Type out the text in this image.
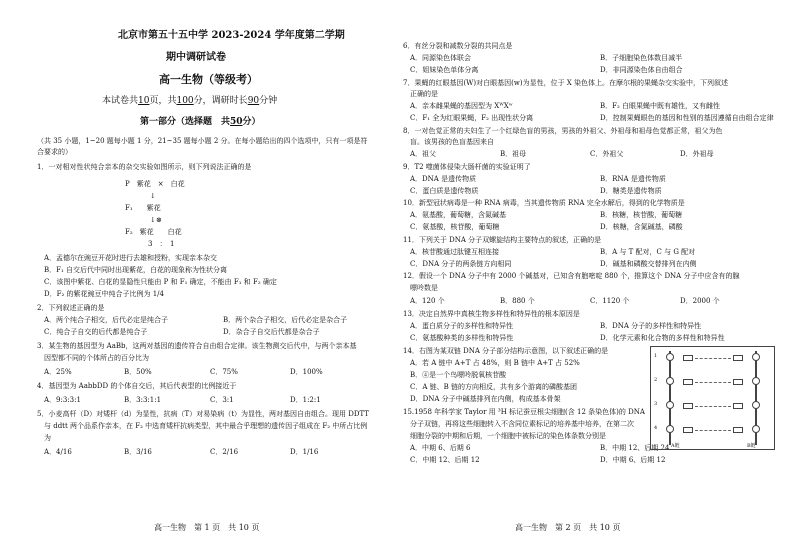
北京市第五十五中学 2023-2024 学年度第二学期
期中调研试卷
高一生物（等级考）
本试卷共10页，共100分，调研时长90分钟
第一部分（选择题　共50分）
（共 35 小题，1~20 题每小题 1 分，21~35 题每小题 2 分。在每小题给出的四个选项中，只有一项是符
合要求的）
1．一对相对性状纯合亲本的杂交实验如图所示，则下列说法正确的是
P　紫花　×　白花
↓
F₁　　紫花
↓⊗
F₂　紫花　　白花
3　：　1
A．孟德尔在豌豆开花时进行去雄和授粉，实现亲本杂交
B．F₁ 自交后代中同时出现紫花，白花的现象称为性状分离
C．该图中紫花、白花的显隐性只能由 P 和 F₁ 确定，不能由 F₁ 和 F₂ 确定
D．F₂ 的紫花豌豆中纯合子比例为 1/4
2．下列叙述正确的是
A．两个纯合子相交，后代必定是纯合子	B．两个杂合子相交，后代必定是杂合子
C．纯合子自交的后代都是纯合子	D．杂合子自交后代都是杂合子
3．某生物的基因型为 AaBb，这两对基因的遗传符合自由组合定律。该生物测交后代中，与两个亲本基
因型都不同的个体所占的百分比为
A．25%	B．50%	C．75%	D．100%
4．基因型为 AabbDD 的个体自交后，其后代表型的比例接近于
A．9:3:3:1	B．3:3:1:1	C．3:1	D．1:2:1
5．小麦高杆（D）对矮杆（d）为显性，抗病（T）对易染病（t）为显性，两对基因自由组合。现用 DDTT
与 ddtt 两个品系作亲本，在 F₂ 中选育矮杆抗病类型，其中最合乎理想的遗传因子组成在 F₂ 中所占比例
为
A．4/16	B．3/16	C．2/16	D．1/16
高一生物　第 1 页　共 10 页
6．有丝分裂和减数分裂的共同点是
A．同源染色体联会	B．子细胞染色体数目减半
C．姐妹染色单体分离	D．非同源染色体自由组合
7．果蝇的红眼基因(W)对白眼基因(w)为显性，位于 X 染色体上。在摩尔根的果蝇杂交实验中，下列叙述
正确的是
A．亲本雌果蝇的基因型为 XᵂXʷ	B．F₂ 白眼果蝇中既有雄性，又有雌性
C．F₁ 全为红眼果蝇，F₂ 出现性状分离	D．控制果蝇眼色的基因和性别的基因遵循自由组合定律
8．一对色觉正常的夫妇生了一个红绿色盲的男孩，男孩的外祖父、外祖母和祖母色觉都正常，祖父为色
盲。该男孩的色盲基因来自
A．祖父	B．祖母	C．外祖父	D．外祖母
9．T2 噬菌体侵染大肠杆菌的实验证明了
A．DNA 是遗传物质	B．RNA 是遗传物质
C．蛋白质是遗传物质	D．糖类是遗传物质
10．新型冠状病毒是一种 RNA 病毒，当其遗传物质 RNA 完全水解后，得到的化学物质是
A．氨基酸，葡萄糖，含氮碱基	B．核糖，核苷酸，葡萄糖
C．氨基酸，核苷酸，葡萄糖	D．核糖，含氮碱基，磷酸
11．下列关于 DNA 分子双螺旋结构主要特点的叙述，正确的是
A．核苷酸通过肽键互相连接	B．A 与 T 配对，C 与 G 配对
C．DNA 分子的两条链方向相同	D．碱基和磷酸交替排列在内侧
12．假设一个 DNA 分子中有 2000 个碱基对，已知含有胞嘧啶 880 个，推算这个 DNA 分子中应含有的腺
嘌呤数是
A．120 个	B．880 个	C．1120 个	D．2000 个
13．决定自然界中真核生物多样性和特异性的根本原因是
A．蛋白质分子的多样性和特异性	B．DNA 分子的多样性和特异性
C．氨基酸种类的多样性和特异性	D．化学元素和化合物的多样性和特异性
14．右图为某双链 DNA 分子部分结构示意图，以下叙述正确的是
A．若 A 链中 A+T 占 48%，则 B 链中 A+T 占 52%
B．④是一个鸟嘌呤脱氧核苷酸
C．A 链、B 链的方向相反，共有多个游离的磷酸基团
D．DNA 分子中碱基排列在内侧，构成基本骨架
15.1958 年科学家 Taylor 用 ³H 标记蚕豆根尖细胞(含 12 条染色体)的 DNA
分子双链，再将这些细胞转入不含同位素标记的培养基中培养，在第二次
细胞分裂的中期和后期，一个细胞中被标记的染色体条数分别是
A．中期 6、后期 6	B．中期 12、后期 24
C．中期 12、后期 12	D．中期 6、后期 12
1
2
3
4
A链	B链
高一生物　第 2 页　共 10 页
